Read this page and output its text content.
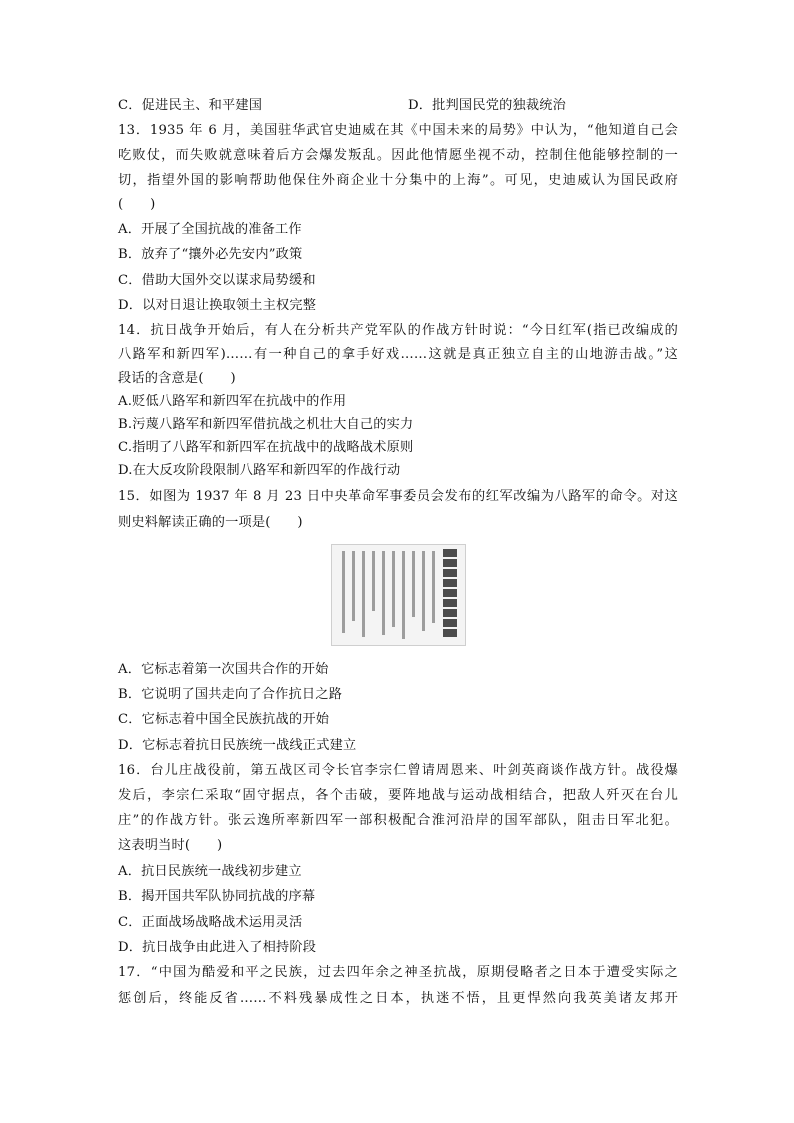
C．促进民主、和平建国	D．批判国民党的独裁统治
13．1935 年 6 月，美国驻华武官史迪威在其《中国未来的局势》中认为，“他知道自己会
吃败仗，而失败就意味着后方会爆发叛乱。因此他情愿坐视不动，控制住他能够控制的一
切，指望外国的影响帮助他保住外商企业十分集中的上海”。可见，史迪威认为国民政府
(　　)
A．开展了全国抗战的准备工作
B．放弃了“攘外必先安内”政策
C．借助大国外交以谋求局势缓和
D．以对日退让换取领土主权完整
14．抗日战争开始后，有人在分析共产党军队的作战方针时说：“今日红军(指已改编成的
八路军和新四军)……有一种自己的拿手好戏……这就是真正独立自主的山地游击战。”这
段话的含意是(　　)
A.贬低八路军和新四军在抗战中的作用
B.污蔑八路军和新四军借抗战之机壮大自己的实力
C.指明了八路军和新四军在抗战中的战略战术原则
D.在大反攻阶段限制八路军和新四军的作战行动
15．如图为 1937 年 8 月 23 日中央革命军事委员会发布的红军改编为八路军的命令。对这
则史料解读正确的一项是(　　)
A．它标志着第一次国共合作的开始
B．它说明了国共走向了合作抗日之路
C．它标志着中国全民族抗战的开始
D．它标志着抗日民族统一战线正式建立
16．台儿庄战役前，第五战区司令长官李宗仁曾请周恩来、叶剑英商谈作战方针。战役爆
发后，李宗仁采取“固守据点，各个击破，要阵地战与运动战相结合，把敌人歼灭在台儿
庄”的作战方针。张云逸所率新四军一部积极配合淮河沿岸的国军部队，阻击日军北犯。
这表明当时(　　)
A．抗日民族统一战线初步建立
B．揭开国共军队协同抗战的序幕
C．正面战场战略战术运用灵活
D．抗日战争由此进入了相持阶段
17．“中国为酷爱和平之民族，过去四年余之神圣抗战，原期侵略者之日本于遭受实际之
惩创后，终能反省……不料残暴成性之日本，执迷不悟，且更悍然向我英美诸友邦开
